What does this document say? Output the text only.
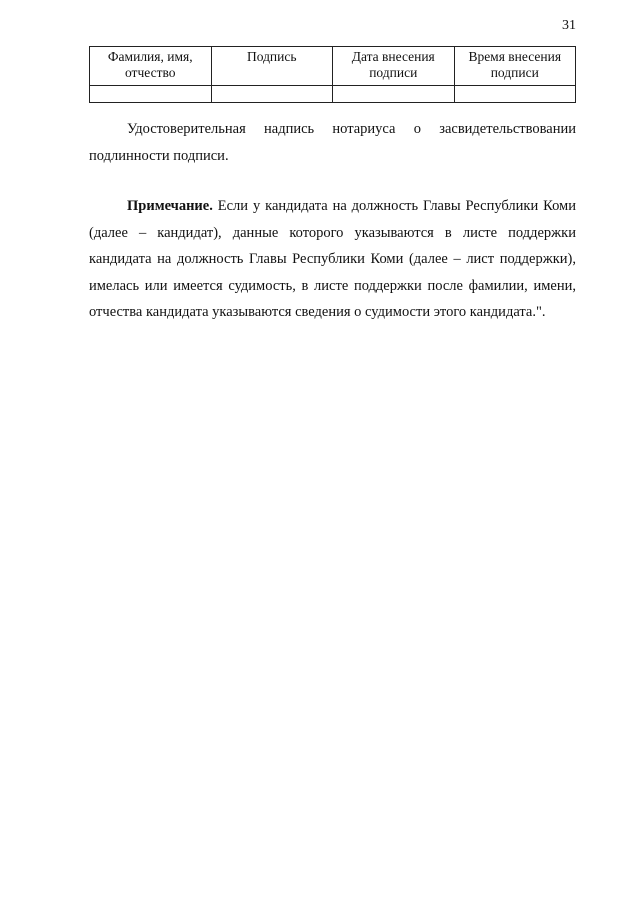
31
Фамилия, имя, отчество	Подпись	Дата внесения подписи	Время внесения подписи

Удостоверительная надпись нотариуса о засвидетельствовании подлинности подписи.
Примечание. Если у кандидата на должность Главы Республики Коми (далее – кандидат), данные которого указываются в листе поддержки кандидата на должность Главы Республики Коми (далее – лист поддержки), имелась или имеется судимость, в листе поддержки после фамилии, имени, отчества кандидата указываются сведения о судимости этого кандидата.".
